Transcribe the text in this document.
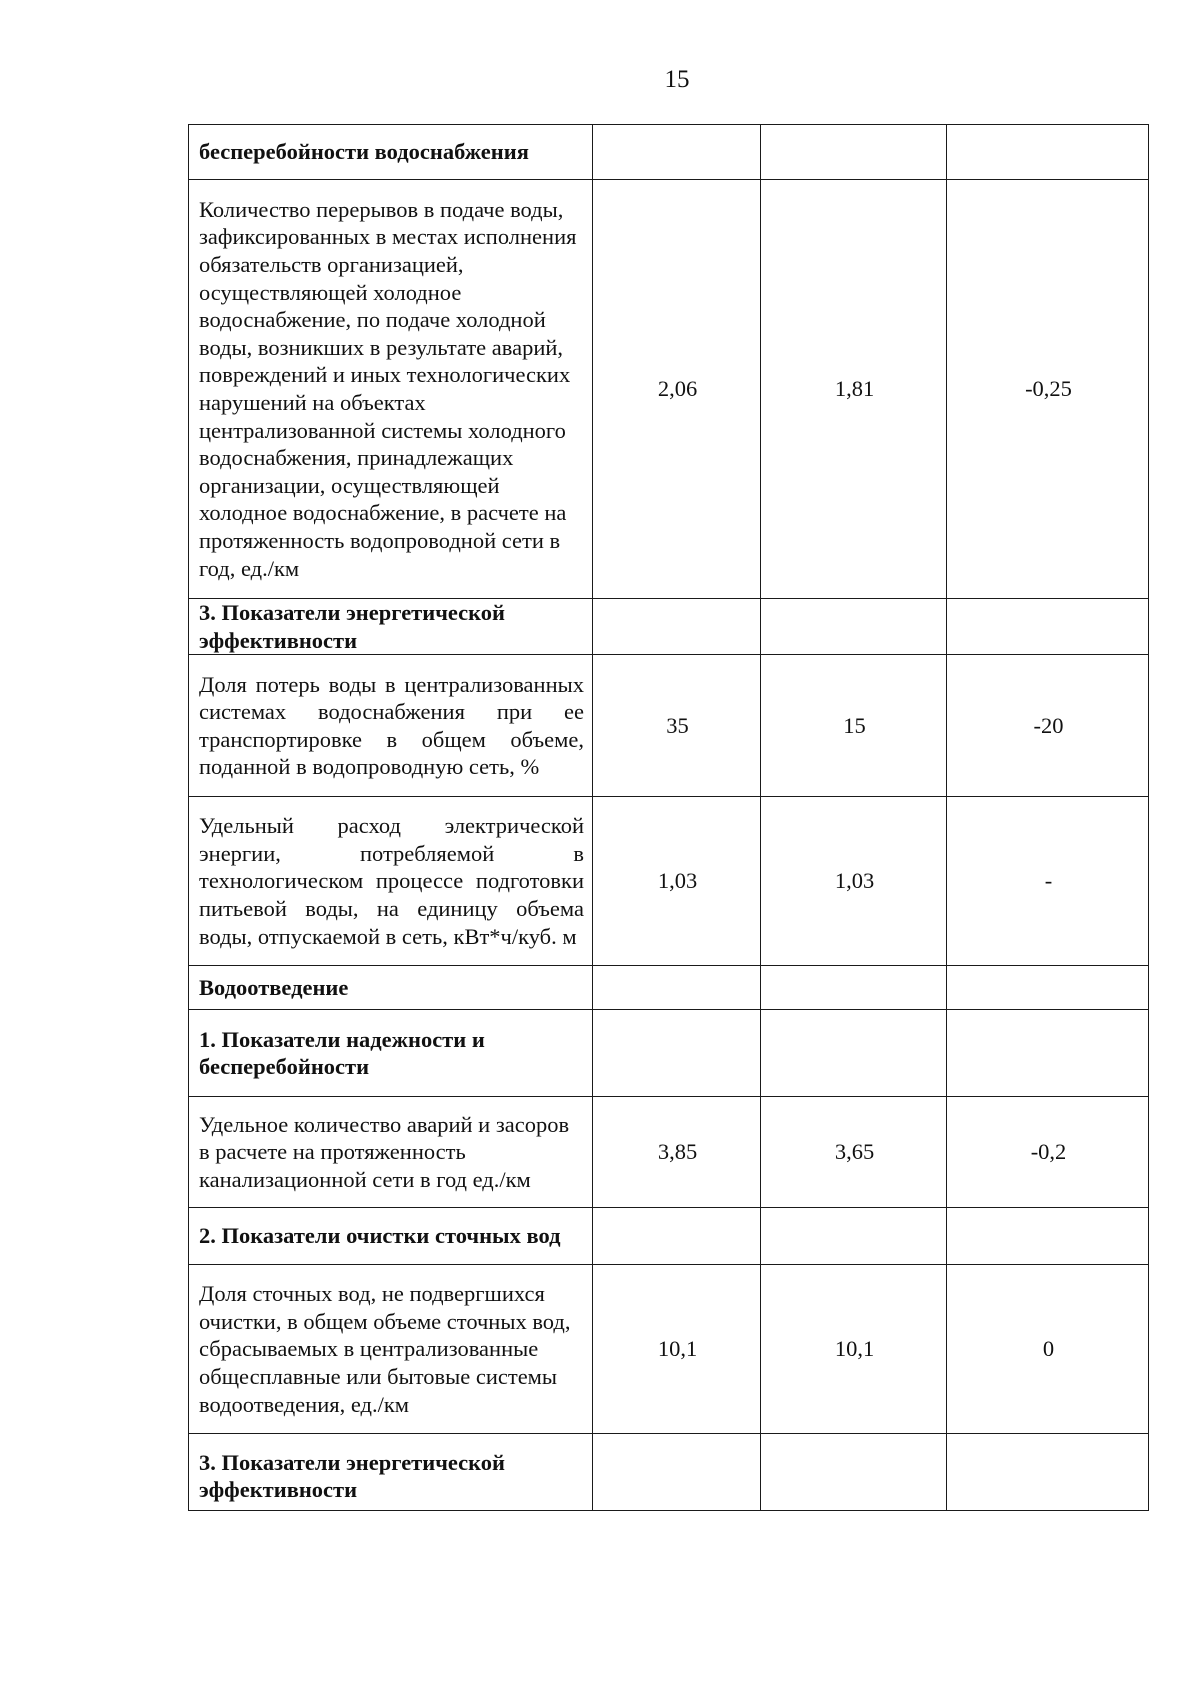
15
бесперебойности водоснабжения			
Количество перерывов в подаче воды, зафиксированных в местах исполнения обязательств организацией, осуществляющей холодное водоснабжение, по подаче холодной воды, возникших в результате аварий, повреждений и иных технологических нарушений на объектах централизованной системы холодного водоснабжения, принадлежащих организации, осуществляющей холодное водоснабжение, в расчете на протяженность водопроводной сети в год, ед./км	2,06	1,81	-0,25
3. Показатели энергетической эффективности			
Доля потерь воды в централизованных системах водоснабжения при ее транспортировке в общем объеме, поданной в водопроводную сеть, %	35	15	-20
Удельный расход электрической энергии, потребляемой в технологическом процессе подготовки питьевой воды, на единицу объема воды, отпускаемой в сеть, кВт*ч/куб. м	1,03	1,03	-
Водоотведение			
1. Показатели надежности и бесперебойности			
Удельное количество аварий и засоров в расчете на протяженность канализационной сети в год ед./км	3,85	3,65	-0,2
2. Показатели очистки сточных вод			
Доля сточных вод, не подвергшихся очистки, в общем объеме сточных вод, сбрасываемых в централизованные общесплавные или бытовые системы водоотведения, ед./км	10,1	10,1	0
3. Показатели энергетической эффективности			
